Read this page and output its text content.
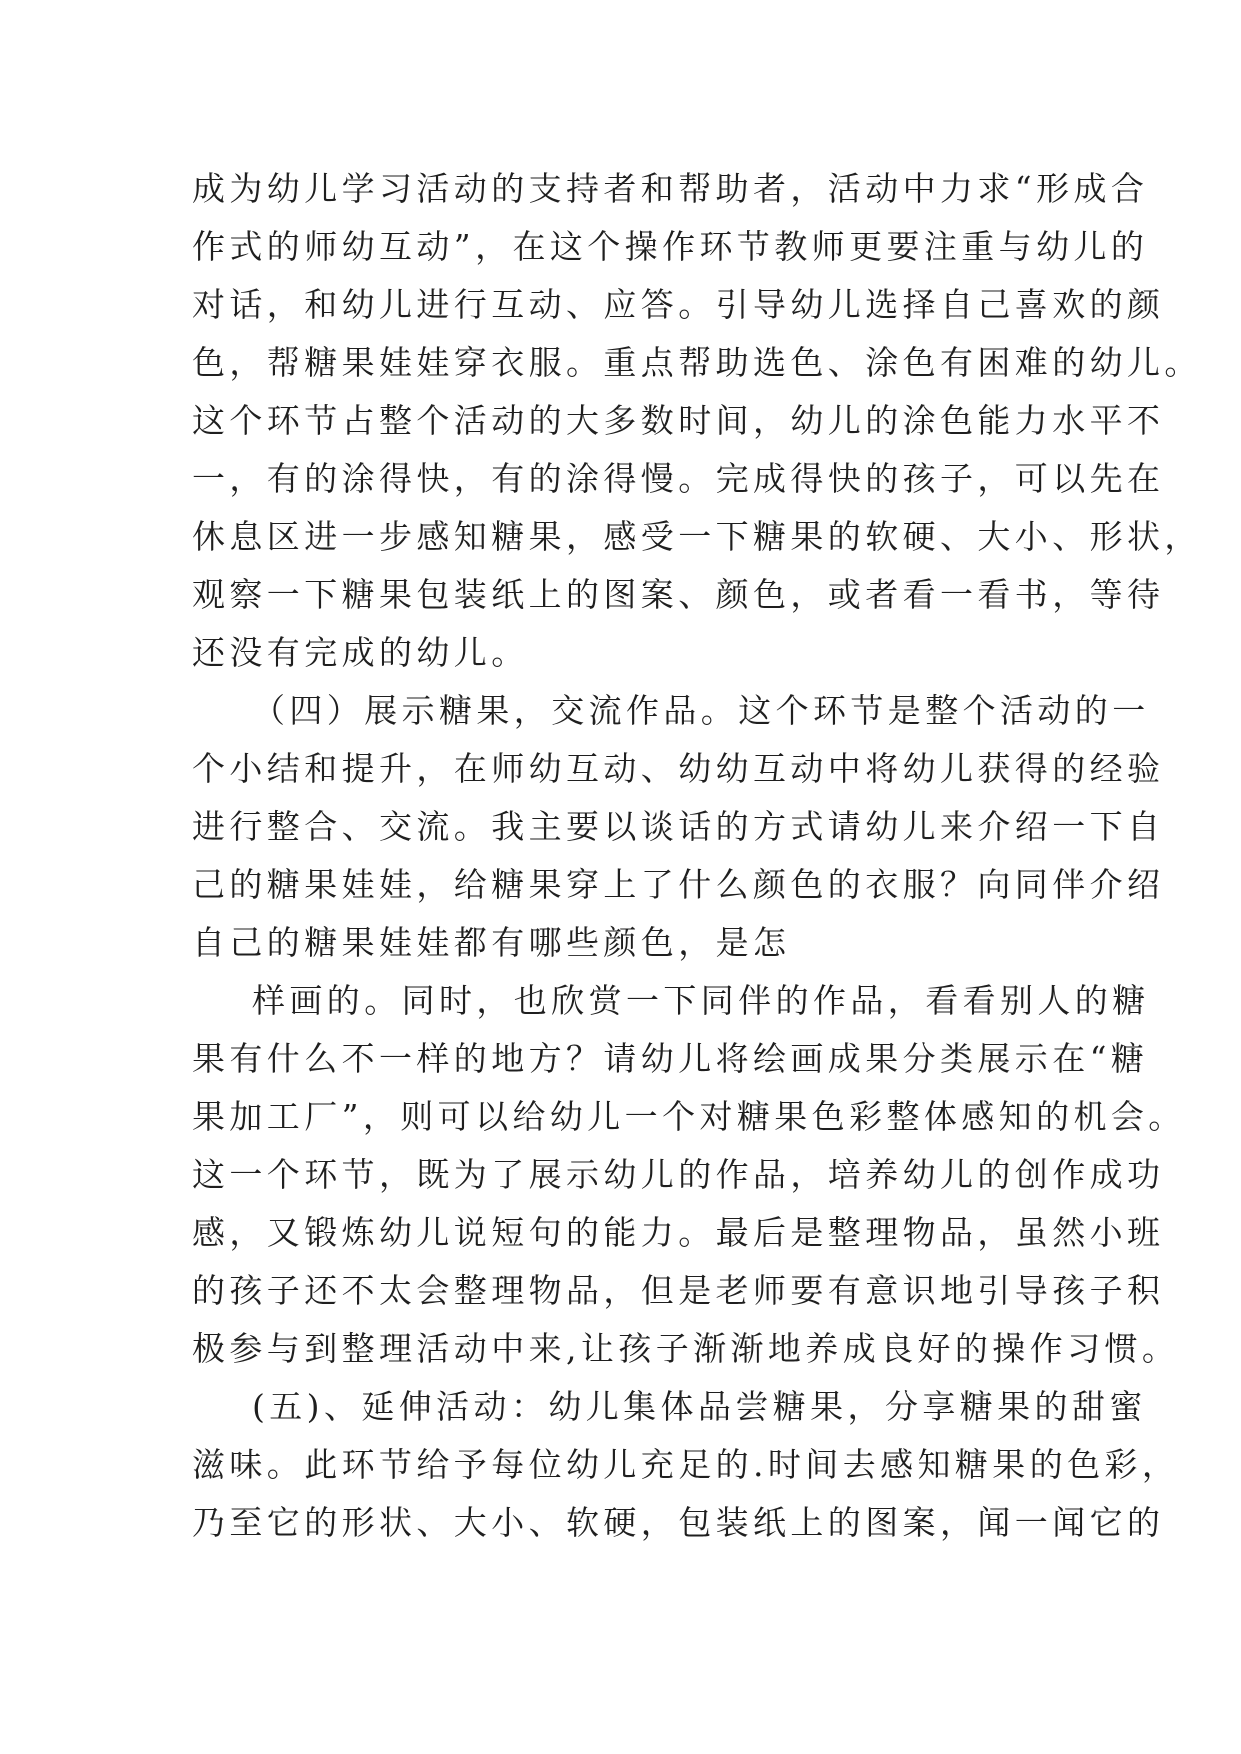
成为幼儿学习活动的支持者和帮助者，活动中力求“形成合
作式的师幼互动”，在这个操作环节教师更要注重与幼儿的
对话，和幼儿进行互动、应答。引导幼儿选择自己喜欢的颜
色，帮糖果娃娃穿衣服。重点帮助选色、涂色有困难的幼儿。
这个环节占整个活动的大多数时间，幼儿的涂色能力水平不
一，有的涂得快，有的涂得慢。完成得快的孩子，可以先在
休息区进一步感知糖果，感受一下糖果的软硬、大小、形状，
观察一下糖果包装纸上的图案、颜色，或者看一看书，等待
还没有完成的幼儿。
（四）展示糖果，交流作品。这个环节是整个活动的一
个小结和提升，在师幼互动、幼幼互动中将幼儿获得的经验
进行整合、交流。我主要以谈话的方式请幼儿来介绍一下自
己的糖果娃娃，给糖果穿上了什么颜色的衣服？向同伴介绍
自己的糖果娃娃都有哪些颜色，是怎
样画的。同时，也欣赏一下同伴的作品，看看别人的糖
果有什么不一样的地方？请幼儿将绘画成果分类展示在“糖
果加工厂”，则可以给幼儿一个对糖果色彩整体感知的机会。
这一个环节，既为了展示幼儿的作品，培养幼儿的创作成功
感，又锻炼幼儿说短句的能力。最后是整理物品，虽然小班
的孩子还不太会整理物品，但是老师要有意识地引导孩子积
极参与到整理活动中来,让孩子渐渐地养成良好的操作习惯。
(五)、延伸活动：幼儿集体品尝糖果，分享糖果的甜蜜
滋味。此环节给予每位幼儿充足的.时间去感知糖果的色彩，
乃至它的形状、大小、软硬，包装纸上的图案，闻一闻它的
